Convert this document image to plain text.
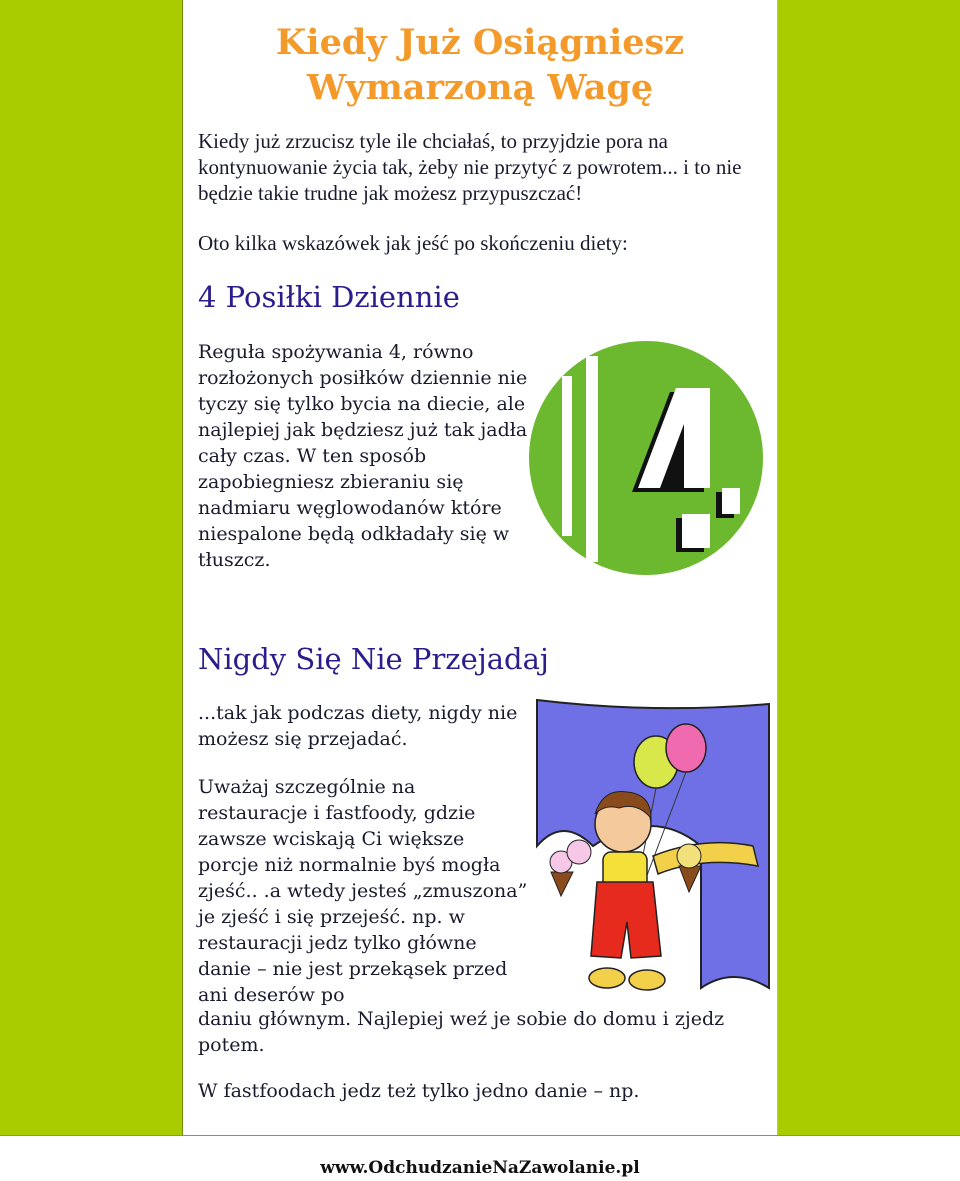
Kiedy Już Osiągniesz
Wymarzoną Wagę

Kiedy już zrzucisz tyle ile chciałaś, to przyjdzie pora na kontynuowanie życia tak, żeby nie przytyć z powrotem... i to nie będzie takie trudne jak możesz przypuszczać!

Oto kilka wskazówek jak jeść po skończeniu diety:

4 Posiłki Dziennie

Reguła spożywania 4, równo rozłożonych posiłków dziennie nie tyczy się tylko bycia na diecie, ale najlepiej jak będziesz już tak jadła cały czas. W ten sposób zapobiegniesz zbieraniu się nadmiaru węglowodanów które niespalone będą odkładały się w tłuszcz.

Nigdy Się Nie Przejadaj

...tak jak podczas diety, nigdy nie możesz się przejadać.

Uważaj szczególnie na restauracje i fastfoody, gdzie zawsze wciskają Ci większe porcje niż normalnie byś mogła zjeść.. .a wtedy jesteś „zmuszona” je zjeść i się przejeść. np. w restauracji jedz tylko główne danie – nie jest przekąsek przed ani deserów po

daniu głównym. Najlepiej weź je sobie do domu i zjedz potem.

W fastfoodach jedz też tylko jedno danie – np.

www.OdchudzanieNaZawolanie.pl
